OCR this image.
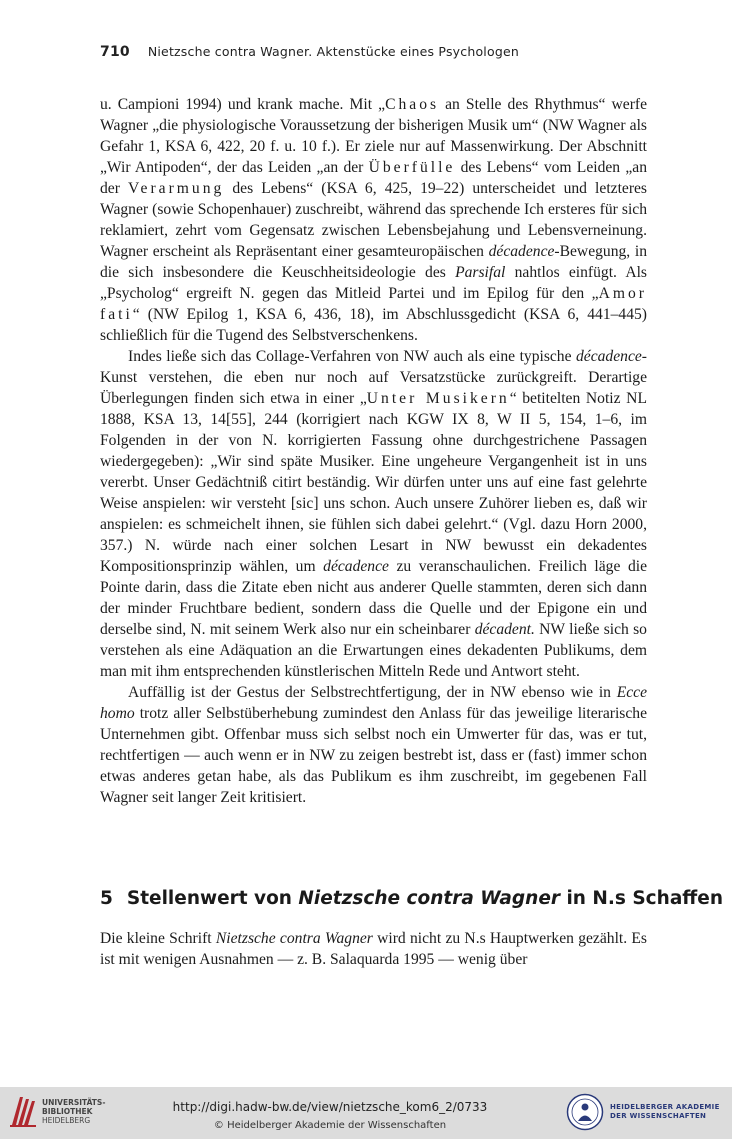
710 Nietzsche contra Wagner. Aktenstücke eines Psychologen

u. Campioni 1994) und krank mache. Mit „Chaos an Stelle des Rhythmus“ werfe Wagner „die physiologische Voraussetzung der bisherigen Musik um“ (NW Wagner als Gefahr 1, KSA 6, 422, 20 f. u. 10 f.). Er ziele nur auf Massenwirkung. Der Abschnitt „Wir Antipoden“, der das Leiden „an der Überfülle des Lebens“ vom Leiden „an der Verarmung des Lebens“ (KSA 6, 425, 19–22) unterscheidet und letzteres Wagner (sowie Schopenhauer) zuschreibt, während das sprechende Ich ersteres für sich reklamiert, zehrt vom Gegensatz zwischen Lebensbejahung und Lebensverneinung. Wagner erscheint als Repräsentant einer gesamteuropäischen décadence-Bewegung, in die sich insbesondere die Keuschheitsideologie des Parsifal nahtlos einfügt. Als „Psycholog“ ergreift N. gegen das Mitleid Partei und im Epilog für den „Amor fati“ (NW Epilog 1, KSA 6, 436, 18), im Abschlussgedicht (KSA 6, 441–445) schließlich für die Tugend des Selbstverschenkens.

Indes ließe sich das Collage-Verfahren von NW auch als eine typische décadence-Kunst verstehen, die eben nur noch auf Versatzstücke zurückgreift. Derartige Überlegungen finden sich etwa in einer „Unter Musikern“ betitelten Notiz NL 1888, KSA 13, 14[55], 244 (korrigiert nach KGW IX 8, W II 5, 154, 1–6, im Folgenden in der von N. korrigierten Fassung ohne durchgestrichene Passagen wiedergegeben): „Wir sind späte Musiker. Eine ungeheure Vergangenheit ist in uns vererbt. Unser Gedächtniß citirt beständig. Wir dürfen unter uns auf eine fast gelehrte Weise anspielen: wir versteht [sic] uns schon. Auch unsere Zuhörer lieben es, daß wir anspielen: es schmeichelt ihnen, sie fühlen sich dabei gelehrt.“ (Vgl. dazu Horn 2000, 357.) N. würde nach einer solchen Lesart in NW bewusst ein dekadentes Kompositionsprinzip wählen, um décadence zu veranschaulichen. Freilich läge die Pointe darin, dass die Zitate eben nicht aus anderer Quelle stammten, deren sich dann der minder Fruchtbare bedient, sondern dass die Quelle und der Epigone ein und derselbe sind, N. mit seinem Werk also nur ein scheinbarer décadent. NW ließe sich so verstehen als eine Adäquation an die Erwartungen eines dekadenten Publikums, dem man mit ihm entsprechenden künstlerischen Mitteln Rede und Antwort steht.

Auffällig ist der Gestus der Selbstrechtfertigung, der in NW ebenso wie in Ecce homo trotz aller Selbstüberhebung zumindest den Anlass für das jeweilige literarische Unternehmen gibt. Offenbar muss sich selbst noch ein Umwerter für das, was er tut, rechtfertigen — auch wenn er in NW zu zeigen bestrebt ist, dass er (fast) immer schon etwas anderes getan habe, als das Publikum es ihm zuschreibt, im gegebenen Fall Wagner seit langer Zeit kritisiert.

5 Stellenwert von Nietzsche contra Wagner in N.s Schaffen

Die kleine Schrift Nietzsche contra Wagner wird nicht zu N.s Hauptwerken gezählt. Es ist mit wenigen Ausnahmen — z. B. Salaquarda 1995 — wenig über

UNIVERSITÄTS-
BIBLIOTHEK
HEIDELBERG
http://digi.hadw-bw.de/view/nietzsche_kom6_2/0733
© Heidelberger Akademie der Wissenschaften
HEIDELBERGER AKADEMIE
DER WISSENSCHAFTEN
